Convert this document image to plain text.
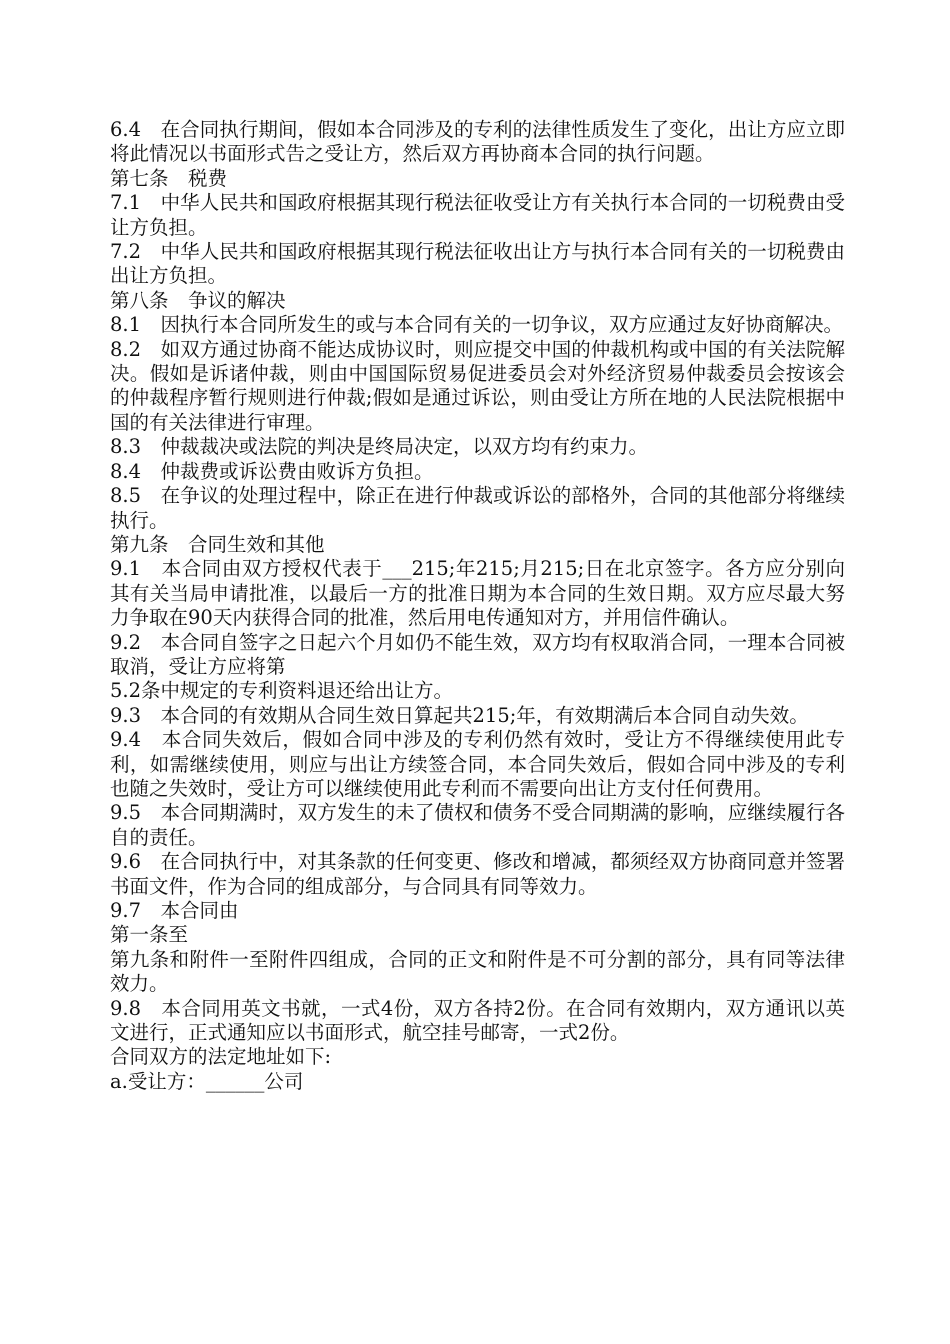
6.4　在合同执行期间，假如本合同涉及的专利的法律性质发生了变化，出让方应立即将此情况以书面形式告之受让方，然后双方再协商本合同的执行问题。

第七条　税费

7.1　中华人民共和国政府根据其现行税法征收受让方有关执行本合同的一切税费由受让方负担。

7.2　中华人民共和国政府根据其现行税法征收出让方与执行本合同有关的一切税费由出让方负担。

第八条　争议的解决

8.1　因执行本合同所发生的或与本合同有关的一切争议，双方应通过友好协商解决。

8.2　如双方通过协商不能达成协议时，则应提交中国的仲裁机构或中国的有关法院解决。假如是诉诸仲裁，则由中国国际贸易促进委员会对外经济贸易仲裁委员会按该会的仲裁程序暂行规则进行仲裁;假如是通过诉讼，则由受让方所在地的人民法院根据中国的有关法律进行审理。

8.3　仲裁裁决或法院的判决是终局决定，以双方均有约束力。

8.4　仲裁费或诉讼费由败诉方负担。

8.5　在争议的处理过程中，除正在进行仲裁或诉讼的部格外，合同的其他部分将继续执行。

第九条　合同生效和其他

9.1　本合同由双方授权代表于___215;年215;月215;日在北京签字。各方应分别向其有关当局申请批准，以最后一方的批准日期为本合同的生效日期。双方应尽最大努力争取在90天内获得合同的批准，然后用电传通知对方，并用信件确认。

9.2　本合同自签字之日起六个月如仍不能生效，双方均有权取消合同，一理本合同被取消，受让方应将第

5.2条中规定的专利资料退还给出让方。

9.3　本合同的有效期从合同生效日算起共215;年，有效期满后本合同自动失效。

9.4　本合同失效后，假如合同中涉及的专利仍然有效时，受让方不得继续使用此专利，如需继续使用，则应与出让方续签合同，本合同失效后，假如合同中涉及的专利也随之失效时，受让方可以继续使用此专利而不需要向出让方支付任何费用。

9.5　本合同期满时，双方发生的未了债权和债务不受合同期满的影响，应继续履行各自的责任。

9.6　在合同执行中，对其条款的任何变更、修改和增减，都须经双方协商同意并签署书面文件，作为合同的组成部分，与合同具有同等效力。

9.7　本合同由

第一条至

第九条和附件一至附件四组成，合同的正文和附件是不可分割的部分，具有同等法律效力。

9.8　本合同用英文书就，一式4份，双方各持2份。在合同有效期内，双方通讯以英文进行，正式通知应以书面形式，航空挂号邮寄，一式2份。

合同双方的法定地址如下:

a.受让方：______公司
